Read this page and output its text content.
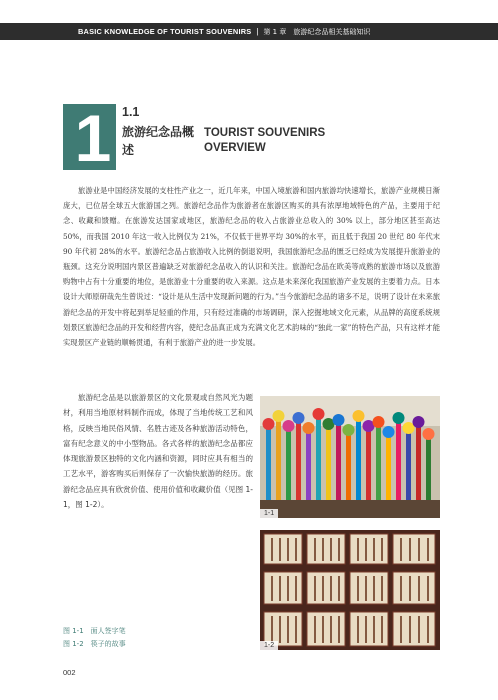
BASIC KNOWLEDGE OF TOURIST SOUVENIRS | 第 1 章　旅游纪念品相关基础知识
1 1.1
旅游纪念品概述
TOURIST SOUVENIRS OVERVIEW

旅游业是中国经济发展的支柱性产业之一，近几年来，中国入境旅游和国内旅游均快速增长，旅游产业规模日渐庞大，已位居全球五大旅游国之列。旅游纪念品作为旅游者在旅游区购买的具有浓厚地域特色的产品，主要用于纪念、收藏和馈赠。在旅游发达国家或地区，旅游纪念品的收入占旅游业总收入的 30% 以上，部分地区甚至高达 50%，而我国 2010 年这一收入比例仅为 21%，不仅低于世界平均 30%的水平，而且低于我国 20 世纪 80 年代末 90 年代初 28%的水平。旅游纪念品占旅游收入比例的倒退说明，我国旅游纪念品的匮乏已经成为发展提升旅游业的瓶颈。这充分说明国内景区普遍缺乏对旅游纪念品收入的认识和关注。旅游纪念品在欧美等成熟的旅游市场以及旅游购物中占有十分重要的地位，是旅游业十分重要的收入来源。这点是未来深化我国旅游产业发展的主要着力点。日本设计大师原研哉先生曾说过：“设计是从生活中发现新问题的行为。”当今旅游纪念品的诸多不足，说明了设计在未来旅游纪念品的开发中将起到举足轻重的作用，只有经过准确的市场调研，深入挖掘地域文化元素，从品牌的高度系统规划景区旅游纪念品的开发和经营内容，使纪念品真正成为充满文化艺术韵味的“独此一家”的特色产品，只有这样才能实现景区产业链的顺畅贯通，有利于旅游产业的进一步发展。

旅游纪念品是以旅游景区的文化景观或自然风光为题材，利用当地原材料制作而成，体现了当地传统工艺和风格，反映当地民俗风情、名胜古迹及各种旅游活动特色，富有纪念意义的中小型物品。各式各样的旅游纪念品都应体现旅游景区独特的文化内涵和资源，同时应具有相当的工艺水平，游客购买后则保存了一次愉快旅游的经历。旅游纪念品应具有欣赏价值、使用价值和收藏价值（见图 1-1，图 1-2）。

1-1
1-2
图 1-1　面人签字笔
图 1-2　筷子的故事
002
